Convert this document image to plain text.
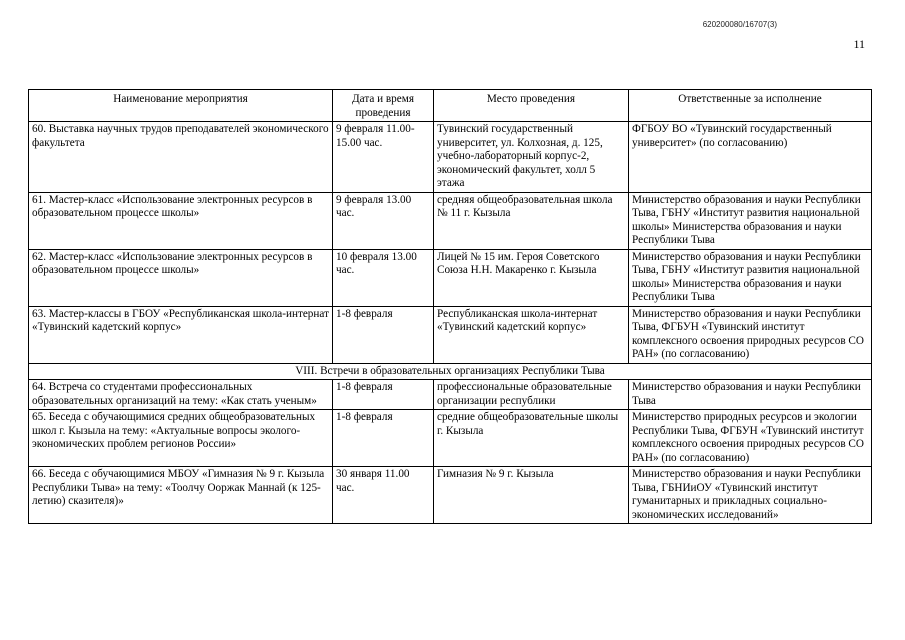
620200080/16707(3)
11
Наименование мероприятия	Дата и время проведения	Место проведения	Ответственные за исполнение
60. Выставка научных трудов преподавателей экономического факультета	9 февраля 11.00-15.00 час.	Тувинский государственный университет, ул. Колхозная, д. 125, учебно-лабораторный корпус-2, экономический факультет, холл 5 этажа	ФГБОУ ВО «Тувинский государственный университет» (по согласованию)
61. Мастер-класс «Использование электронных ресурсов в образовательном процессе школы»	9 февраля 13.00 час.	средняя общеобразовательная школа № 11 г. Кызыла	Министерство образования и науки Республики Тыва, ГБНУ «Институт развития национальной школы» Министерства образования и науки Республики Тыва
62. Мастер-класс «Использование электронных ресурсов в образовательном процессе школы»	10 февраля 13.00 час.	Лицей № 15 им. Героя Советского Союза Н.Н. Макаренко г. Кызыла	Министерство образования и науки Республики Тыва, ГБНУ «Институт развития национальной школы» Министерства образования и науки Республики Тыва
63. Мастер-классы в ГБОУ «Республиканская школа-интернат «Тувинский кадетский корпус»	1-8 февраля	Республиканская школа-интернат «Тувинский кадетский корпус»	Министерство образования и науки Республики Тыва, ФГБУН «Тувинский институт комплексного освоения природных ресурсов СО РАН» (по согласованию)
VIII. Встречи в образовательных организациях Республики Тыва			
64. Встреча со студентами профессиональных образовательных организаций на тему: «Как стать ученым»	1-8 февраля	профессиональные образовательные организации республики	Министерство образования и науки Республики Тыва
65. Беседа с обучающимися средних общеобразовательных школ г. Кызыла на тему: «Актуальные вопросы эколого-экономических проблем регионов России»	1-8 февраля	средние общеобразовательные школы г. Кызыла	Министерство природных ресурсов и экологии Республики Тыва, ФГБУН «Тувинский институт комплексного освоения природных ресурсов СО РАН» (по согласованию)
66. Беседа с обучающимися МБОУ «Гимназия № 9 г. Кызыла Республики Тыва» на тему: «Тоолчу Ооржак Маннай (к 125-летию) сказителя)»	30 января 11.00 час.	Гимназия № 9 г. Кызыла	Министерство образования и науки Республики Тыва, ГБНИиОУ «Тувинский институт гуманитарных и прикладных социально-экономических исследований»
